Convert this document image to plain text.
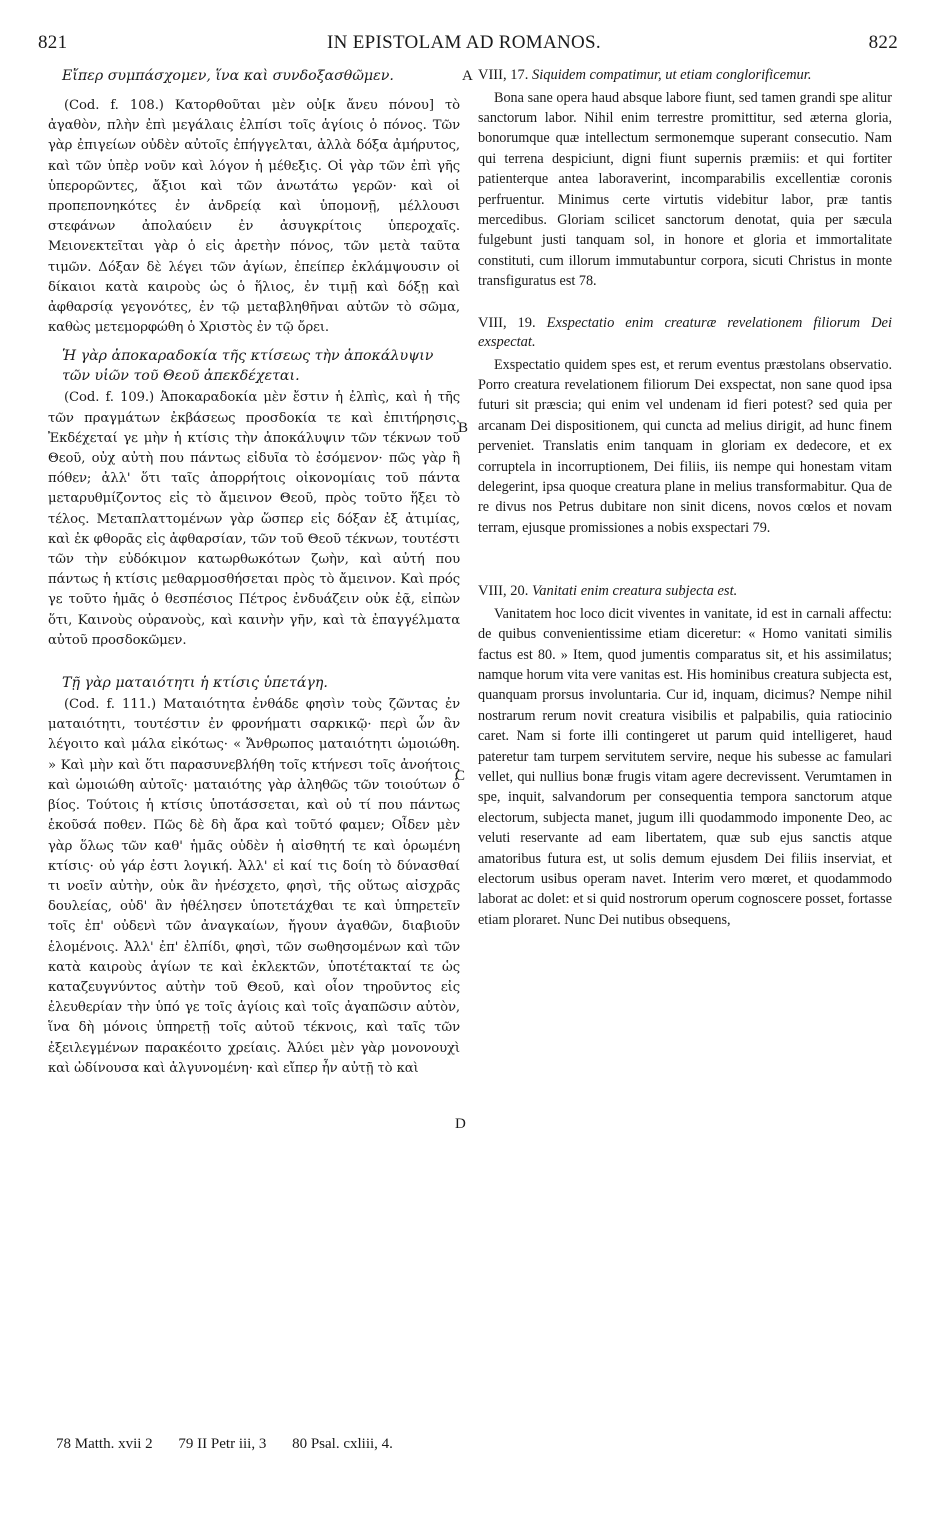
821	IN EPISTOLAM AD ROMANOS.	822
Εἴπερ συμπάσχομεν, ἵνα καὶ συνδοξασθῶμεν.

(Cod. f. 108.) Κατορθοῦται μὲν οὐ[κ ἄνευ πόνου] τὸ ἀγαθὸν, πλὴν ἐπὶ μεγάλαις ἐλπίσι τοῖς ἁγίοις ὁ πόνος. Τῶν γὰρ ἐπιγείων οὐδὲν αὐτοῖς ἐπήγγελται, ἀλλὰ δόξα ἀμήρυτος, καὶ τῶν ὑπὲρ νοῦν καὶ λόγον ἡ μέθεξις. Οἱ γὰρ τῶν ἐπὶ γῆς ὑπερορῶντες, ἄξιοι καὶ τῶν ἀνωτάτω γερῶν· καὶ οἱ προπεπονηκότες ἐν ἀνδρείᾳ καὶ ὑπομονῇ, μέλλουσι στεφάνων ἀπολαύειν ἐν ἀσυγκρίτοις ὑπεροχαῖς. Μειονεκτεῖται γὰρ ὁ εἰς ἀρετὴν πόνος, τῶν μετὰ ταῦτα τιμῶν. Δόξαν δὲ λέγει τῶν ἁγίων, ἐπείπερ ἐκλάμψουσιν οἱ δίκαιοι κατὰ καιροὺς ὡς ὁ ἥλιος, ἐν τιμῇ καὶ δόξῃ καὶ ἀφθαρσίᾳ γεγονότες, ἐν τῷ μεταβληθῆναι αὐτῶν τὸ σῶμα, καθὼς μετεμορφώθη ὁ Χριστὸς ἐν τῷ ὄρει.

Ἡ γὰρ ἀποκαραδοκία τῆς κτίσεως τὴν ἀποκάλυψιν τῶν υἱῶν τοῦ Θεοῦ ἀπεκδέχεται.

(Cod. f. 109.) Ἀποκαραδοκία μὲν ἔστιν ἡ ἐλπὶς, καὶ ἡ τῆς τῶν πραγμάτων ἐκβάσεως προσδοκία τε καὶ ἐπιτήρησις. Ἐκδέχεταί γε μὴν ἡ κτίσις τὴν ἀποκάλυψιν τῶν τέκνων τοῦ Θεοῦ, οὐχ αὐτὴ που πάντως εἰδυῖα τὸ ἐσόμενον· πῶς γὰρ ἢ πόθεν; ἀλλ' ὅτι ταῖς ἀπορρήτοις οἰκονομίαις τοῦ πάντα μεταρυθμίζοντος εἰς τὸ ἄμεινον Θεοῦ, πρὸς τοῦτο ἥξει τὸ τέλος. Μεταπλαττομένων γὰρ ὥσπερ εἰς δόξαν ἐξ ἀτιμίας, καὶ ἐκ φθορᾶς εἰς ἀφθαρσίαν, τῶν τοῦ Θεοῦ τέκνων, τουτέστι τῶν τὴν εὐδόκιμον κατωρθωκότων ζωὴν, καὶ αὐτή που πάντως ἡ κτίσις μεθαρμοσθήσεται πρὸς τὸ ἄμεινον. Καὶ πρός γε τοῦτο ἡμᾶς ὁ θεσπέσιος Πέτρος ἐνδυάζειν οὐκ ἐᾷ, εἰπὼν ὅτι, Καινοὺς οὐρανοὺς, καὶ καινὴν γῆν, καὶ τὰ ἐπαγγέλματα αὐτοῦ προσδοκῶμεν.

Τῇ γὰρ ματαιότητι ἡ κτίσις ὑπετάγη.

(Cod. f. 111.) Ματαιότητα ἐνθάδε φησὶν τοὺς ζῶντας ἐν ματαιότητι, τουτέστιν ἐν φρονήματι σαρκικῷ· περὶ ὧν ἂν λέγοιτο καὶ μάλα εἰκότως· « Ἄνθρωπος ματαιότητι ὡμοιώθη. » Καὶ μὴν καὶ ὅτι παρασυνεβλήθη τοῖς κτήνεσι τοῖς ἀνοήτοις καὶ ὡμοιώθη αὐτοῖς· ματαιότης γὰρ ἀληθῶς τῶν τοιούτων ὁ βίος. Τούτοις ἡ κτίσις ὑποτάσσεται, καὶ οὐ τί που πάντως ἑκοῦσά ποθεν. Πῶς δὲ δὴ ἄρα καὶ τοῦτό φαμεν; Οἶδεν μὲν γὰρ ὅλως τῶν καθ' ἡμᾶς οὐδὲν ἡ αἰσθητή τε καὶ ὁρωμένη κτίσις· οὐ γάρ ἐστι λογική. Ἀλλ' εἰ καί τις δοίη τὸ δύνασθαί τι νοεῖν αὐτὴν, οὐκ ἂν ἠνέσχετο, φησὶ, τῆς οὕτως αἰσχρᾶς δουλείας, οὐδ' ἂν ἠθέλησεν ὑποτετάχθαι τε καὶ ὑπηρετεῖν τοῖς ἐπ' οὐδενὶ τῶν ἀναγκαίων, ἤγουν ἀγαθῶν, διαβιοῦν ἑλομένοις. Ἀλλ' ἐπ' ἐλπίδι, φησὶ, τῶν σωθησομένων καὶ τῶν κατὰ καιροὺς ἁγίων τε καὶ ἐκλεκτῶν, ὑποτέτακταί τε ὡς καταζευγνύντος αὐτὴν τοῦ Θεοῦ, καὶ οἷον τηροῦντος εἰς ἐλευθερίαν τὴν ὑπό γε τοῖς ἁγίοις καὶ τοῖς ἀγαπῶσιν αὐτὸν, ἵνα δὴ μόνοις ὑπηρετῇ τοῖς αὐτοῦ τέκνοις, καὶ ταῖς τῶν ἐξειλεγμένων παρακέοιτο χρείαις. Ἀλύει μὲν γὰρ μονονουχὶ καὶ ὠδίνουσα καὶ ἀλγυνομένη· καὶ εἴπερ ἦν αὐτῇ τὸ καὶ

VIII, 17. Siquidem compatimur, ut etiam conglorificemur.

Bona sane opera haud absque labore fiunt, sed tamen grandi spe alitur sanctorum labor. Nihil enim terrestre promittitur, sed æterna gloria, bonorumque quæ intellectum sermonemque superant consecutio. Nam qui terrena despiciunt, digni fiunt supernis præmiis: et qui fortiter patienterque antea laboraverint, incomparabilis excellentiæ coronis perfruentur. Minimus certe virtutis videbitur labor, præ tantis mercedibus. Gloriam scilicet sanctorum denotat, quia per sæcula fulgebunt justi tanquam sol, in honore et gloria et immortalitate constituti, cum illorum immutabuntur corpora, sicuti Christus in monte transfiguratus est 78.

VIII, 19. Exspectatio enim creaturæ revelationem filiorum Dei exspectat.

Exspectatio quidem spes est, et rerum eventus præstolans observatio. Porro creatura revelationem filiorum Dei exspectat, non sane quod ipsa futuri sit præscia; qui enim vel undenam id fieri potest? sed quia per arcanam Dei dispositionem, qui cuncta ad melius dirigit, ad hunc finem perveniet. Translatis enim tanquam in gloriam ex dedecore, et ex corruptela in incorruptionem, Dei filiis, iis nempe qui honestam vitam delegerint, ipsa quoque creatura plane in melius transformabitur. Qua de re divus nos Petrus dubitare non sinit dicens, novos cœlos et novam terram, ejusque promissiones a nobis exspectari 79.

VIII, 20. Vanitati enim creatura subjecta est.

Vanitatem hoc loco dicit viventes in vanitate, id est in carnali affectu: de quibus convenientissime etiam diceretur: « Homo vanitati similis factus est 80. » Item, quod jumentis comparatus sit, et his assimilatus; namque horum vita vere vanitas est. His hominibus creatura subjecta est, quanquam prorsus involuntaria. Cur id, inquam, dicimus? Nempe nihil nostrarum rerum novit creatura visibilis et palpabilis, quia ratiocinio caret. Nam si forte illi contingeret ut parum quid intelligeret, haud pateretur tam turpem servitutem servire, neque his subesse ac famulari vellet, qui nullius bonæ frugis vitam agere decrevissent. Verumtamen in spe, inquit, salvandorum per consequentia tempora sanctorum atque electorum, subjecta manet, jugum illi quodammodo imponente Deo, ac veluti reservante ad eam libertatem, quæ sub ejus sanctis atque amatoribus futura est, ut solis demum ejusdem Dei filiis inserviat, et electorum usibus operam navet. Interim vero mœret, et quodammodo laborat ac dolet: et si quid nostrorum operum cognoscere posset, fortasse etiam ploraret. Nunc Dei nutibus obsequens,

A
B
C
D
78 Matth. xvii 2 79 II Petr iii, 3 80 Psal. cxliii, 4.
